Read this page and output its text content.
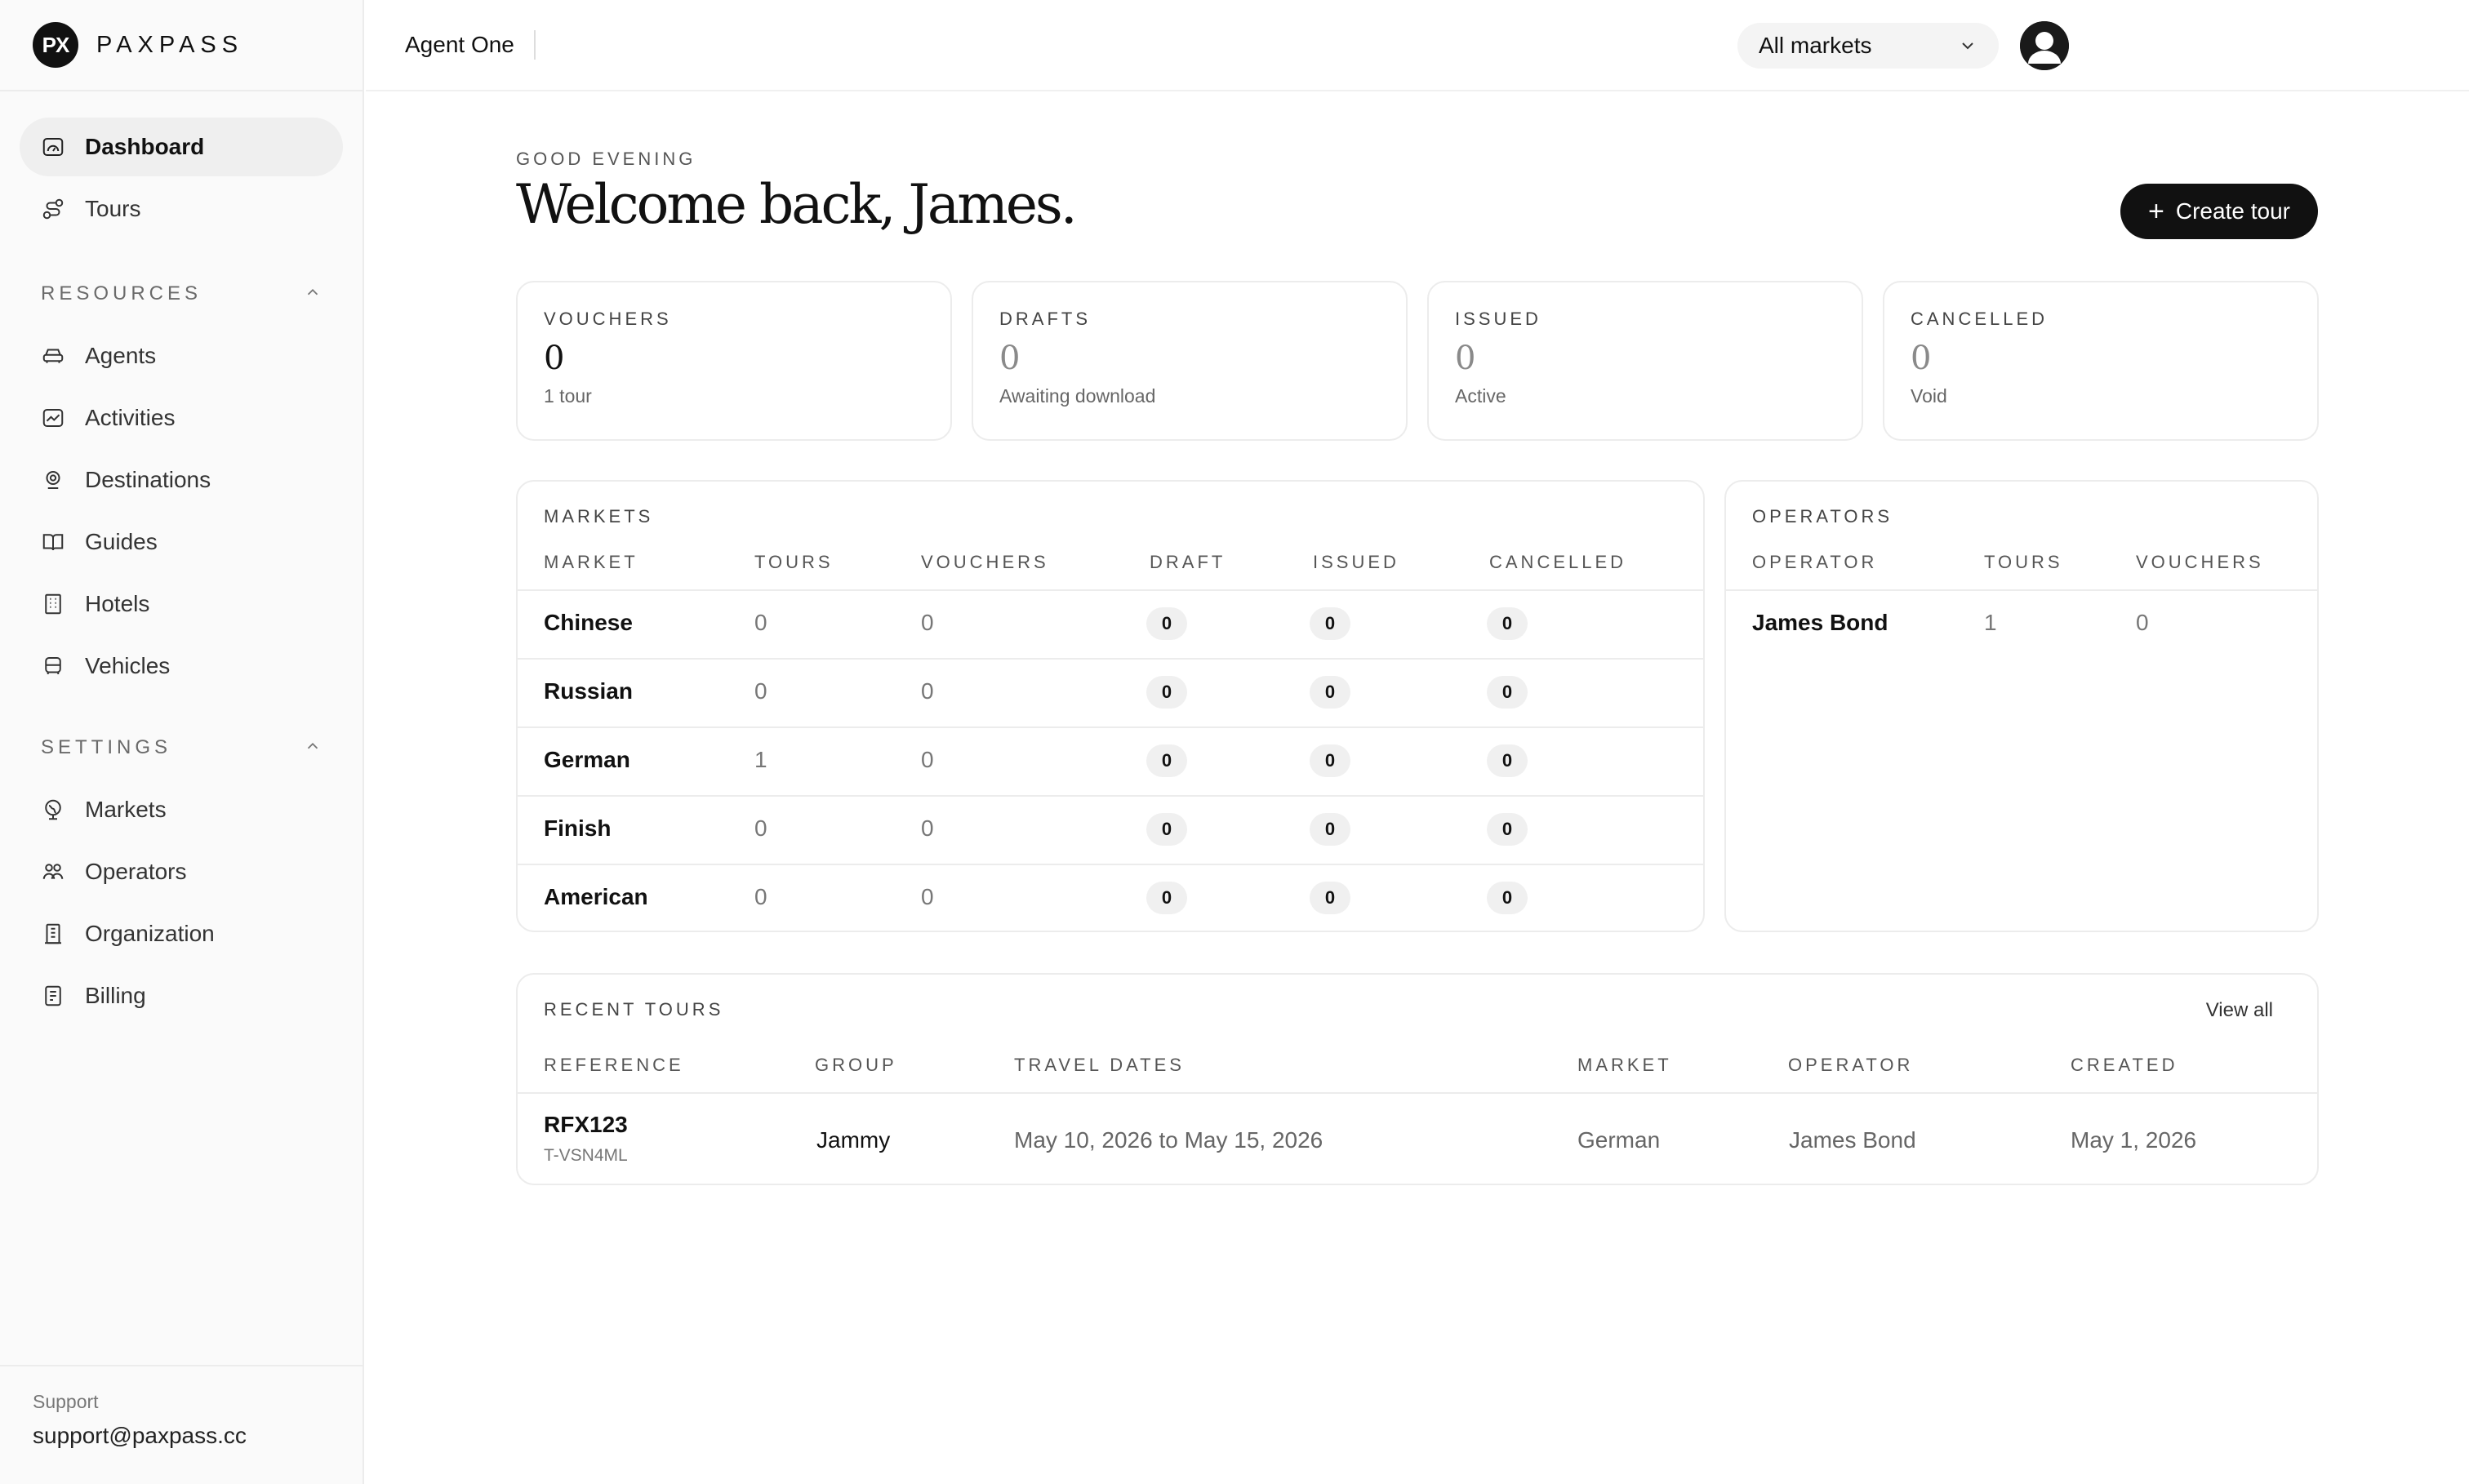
PX	PAXPASS
Dashboard
Tours
RESOURCES
Agents
Activities
Destinations
Guides
Hotels
Vehicles
SETTINGS
Markets
Operators
Organization
Billing
Support
support@paxpass.cc
Agent One	All markets
GOOD EVENING
Welcome back, James.	+ Create tour
VOUCHERS
0
1 tour
DRAFTS
0
Awaiting download
ISSUED
0
Active
CANCELLED
0
Void
MARKETS
MARKET	TOURS	VOUCHERS	DRAFT	ISSUED	CANCELLED
Chinese	0	0	0	0	0
Russian	0	0	0	0	0
German	1	0	0	0	0
Finish	0	0	0	0	0
American	0	0	0	0	0
OPERATORS
OPERATOR	TOURS	VOUCHERS
James Bond	1	0
RECENT TOURS	View all
REFERENCE	GROUP	TRAVEL DATES	MARKET	OPERATOR	CREATED
RFX123
T-VSN4ML
Jammy	May 10, 2026 to May 15, 2026	German	James Bond	May 1, 2026
